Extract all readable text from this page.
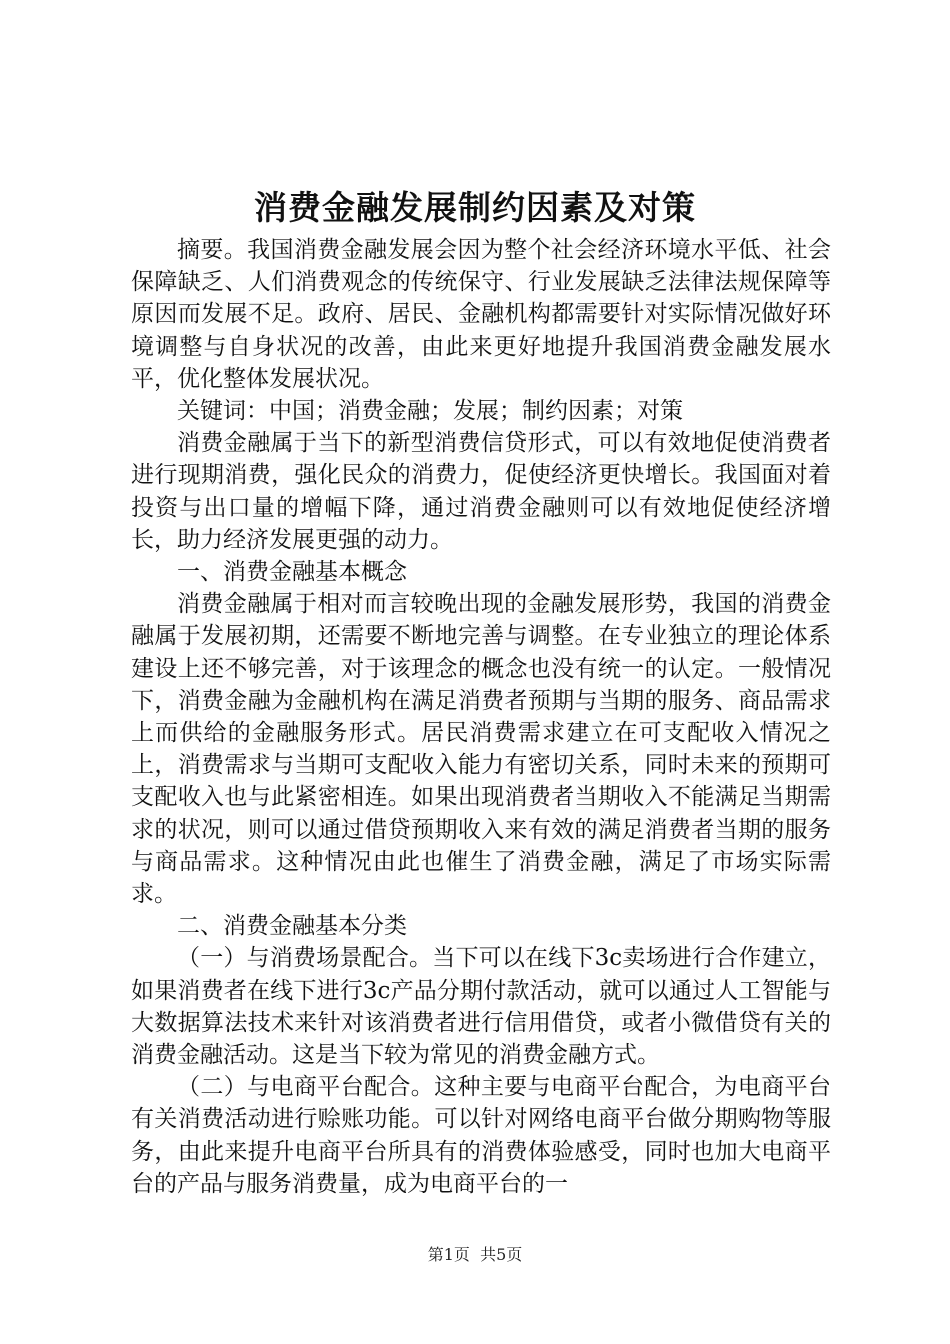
消费金融发展制约因素及对策

摘要。我国消费金融发展会因为整个社会经济环境水平低、社会保障缺乏、人们消费观念的传统保守、行业发展缺乏法律法规保障等原因而发展不足。政府、居民、金融机构都需要针对实际情况做好环境调整与自身状况的改善，由此来更好地提升我国消费金融发展水平，优化整体发展状况。

关键词：中国；消费金融；发展；制约因素；对策

消费金融属于当下的新型消费信贷形式，可以有效地促使消费者进行现期消费，强化民众的消费力，促使经济更快增长。我国面对着投资与出口量的增幅下降，通过消费金融则可以有效地促使经济增长，助力经济发展更强的动力。

一、消费金融基本概念

消费金融属于相对而言较晚出现的金融发展形势，我国的消费金融属于发展初期，还需要不断地完善与调整。在专业独立的理论体系建设上还不够完善，对于该理念的概念也没有统一的认定。一般情况下，消费金融为金融机构在满足消费者预期与当期的服务、商品需求上而供给的金融服务形式。居民消费需求建立在可支配收入情况之上，消费需求与当期可支配收入能力有密切关系，同时未来的预期可支配收入也与此紧密相连。如果出现消费者当期收入不能满足当期需求的状况，则可以通过借贷预期收入来有效的满足消费者当期的服务与商品需求。这种情况由此也催生了消费金融，满足了市场实际需求。

二、消费金融基本分类

（一）与消费场景配合。当下可以在线下3c卖场进行合作建立，如果消费者在线下进行3c产品分期付款活动，就可以通过人工智能与大数据算法技术来针对该消费者进行信用借贷，或者小微借贷有关的消费金融活动。这是当下较为常见的消费金融方式。

（二）与电商平台配合。这种主要与电商平台配合，为电商平台有关消费活动进行赊账功能。可以针对网络电商平台做分期购物等服务，由此来提升电商平台所具有的消费体验感受，同时也加大电商平台的产品与服务消费量，成为电商平台的一

第1页  共5页
